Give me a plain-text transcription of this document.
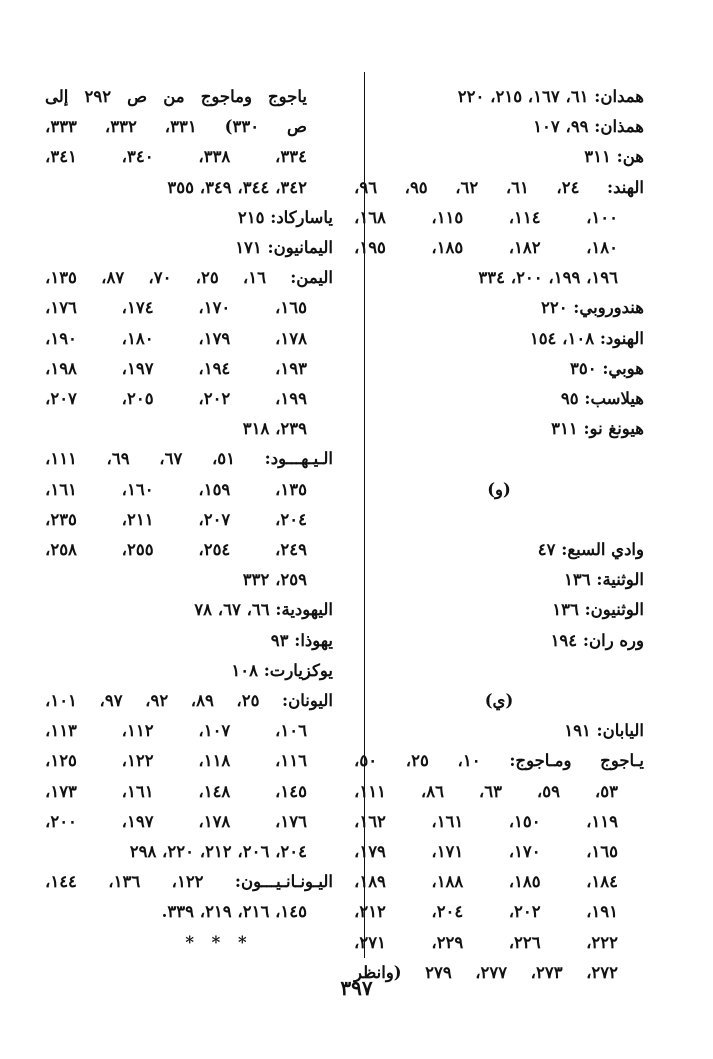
همدان: ٦١، ١٦٧، ٢١٥، ٢٢٠
همذان: ٩٩، ١٠٧
هن: ٣١١
الهند: ٢٤، ٦١، ٦٢، ٩٥، ٩٦،
١٠٠، ١١٤، ١١٥، ١٦٨،
١٨٠، ١٨٢، ١٨٥، ١٩٥،
١٩٦، ١٩٩، ٢٠٠، ٣٣٤
هندوروبي: ٢٢٠
الهنود: ١٠٨، ١٥٤
هوبي: ٣٥٠
هيلاسب: ٩٥
هيونغ نو: ٣١١
(و)
وادي السبع: ٤٧
الوثنية: ١٣٦
الوثنيون: ١٣٦
وره ران: ١٩٤
(ي)
اليابان: ١٩١
يـاجوج ومـاجوج: ١٠، ٢٥، ٥٠،
٥٣، ٥٩، ٦٣، ٨٦، ١١١،
١١٩، ١٥٠، ١٦١، ١٦٢،
١٦٥، ١٧٠، ١٧١، ١٧٩،
١٨٤، ١٨٥، ١٨٨، ١٨٩،
١٩١، ٢٠٢، ٢٠٤، ٢١٢،
٢٢٢، ٢٢٦، ٢٢٩، ٢٧١،
٢٧٢، ٢٧٣، ٢٧٧، ٢٧٩ (وانظر
ياجوج وماجوج من ص ٢٩٢ إلى
ص ٣٣٠) ٣٣١، ٣٣٢، ٣٣٣،
٣٣٤، ٣٣٨، ٣٤٠، ٣٤١،
٣٤٢، ٣٤٤، ٣٤٩، ٣٥٥
ياساركاد: ٢١٥
اليمانيون: ١٧١
اليمن: ١٦، ٢٥، ٧٠، ٨٧، ١٣٥،
١٦٥، ١٧٠، ١٧٤، ١٧٦،
١٧٨، ١٧٩، ١٨٠، ١٩٠،
١٩٣، ١٩٤، ١٩٧، ١٩٨،
١٩٩، ٢٠٢، ٢٠٥، ٢٠٧،
٢٣٩، ٣١٨
الـيـهـــود: ٥١، ٦٧، ٦٩، ١١١،
١٣٥، ١٥٩، ١٦٠، ١٦١،
٢٠٤، ٢٠٧، ٢١١، ٢٣٥،
٢٤٩، ٢٥٤، ٢٥٥، ٢٥٨،
٢٥٩، ٣٣٢
اليهودية: ٦٦، ٦٧، ٧٨
يهوذا: ٩٣
يوكزيارت: ١٠٨
اليونان: ٢٥، ٨٩، ٩٢، ٩٧، ١٠١،
١٠٦، ١٠٧، ١١٢، ١١٣،
١١٦، ١١٨، ١٢٢، ١٢٥،
١٤٥، ١٤٨، ١٦١، ١٧٣،
١٧٦، ١٧٨، ١٩٧، ٢٠٠،
٢٠٤، ٢٠٦، ٢١٢، ٢٢٠، ٢٩٨
اليـونـانـيـــون: ١٢٢، ١٣٦، ١٤٤،
١٤٥، ٢١٦، ٢١٩، ٣٣٩.
* * *
٣٩٧
